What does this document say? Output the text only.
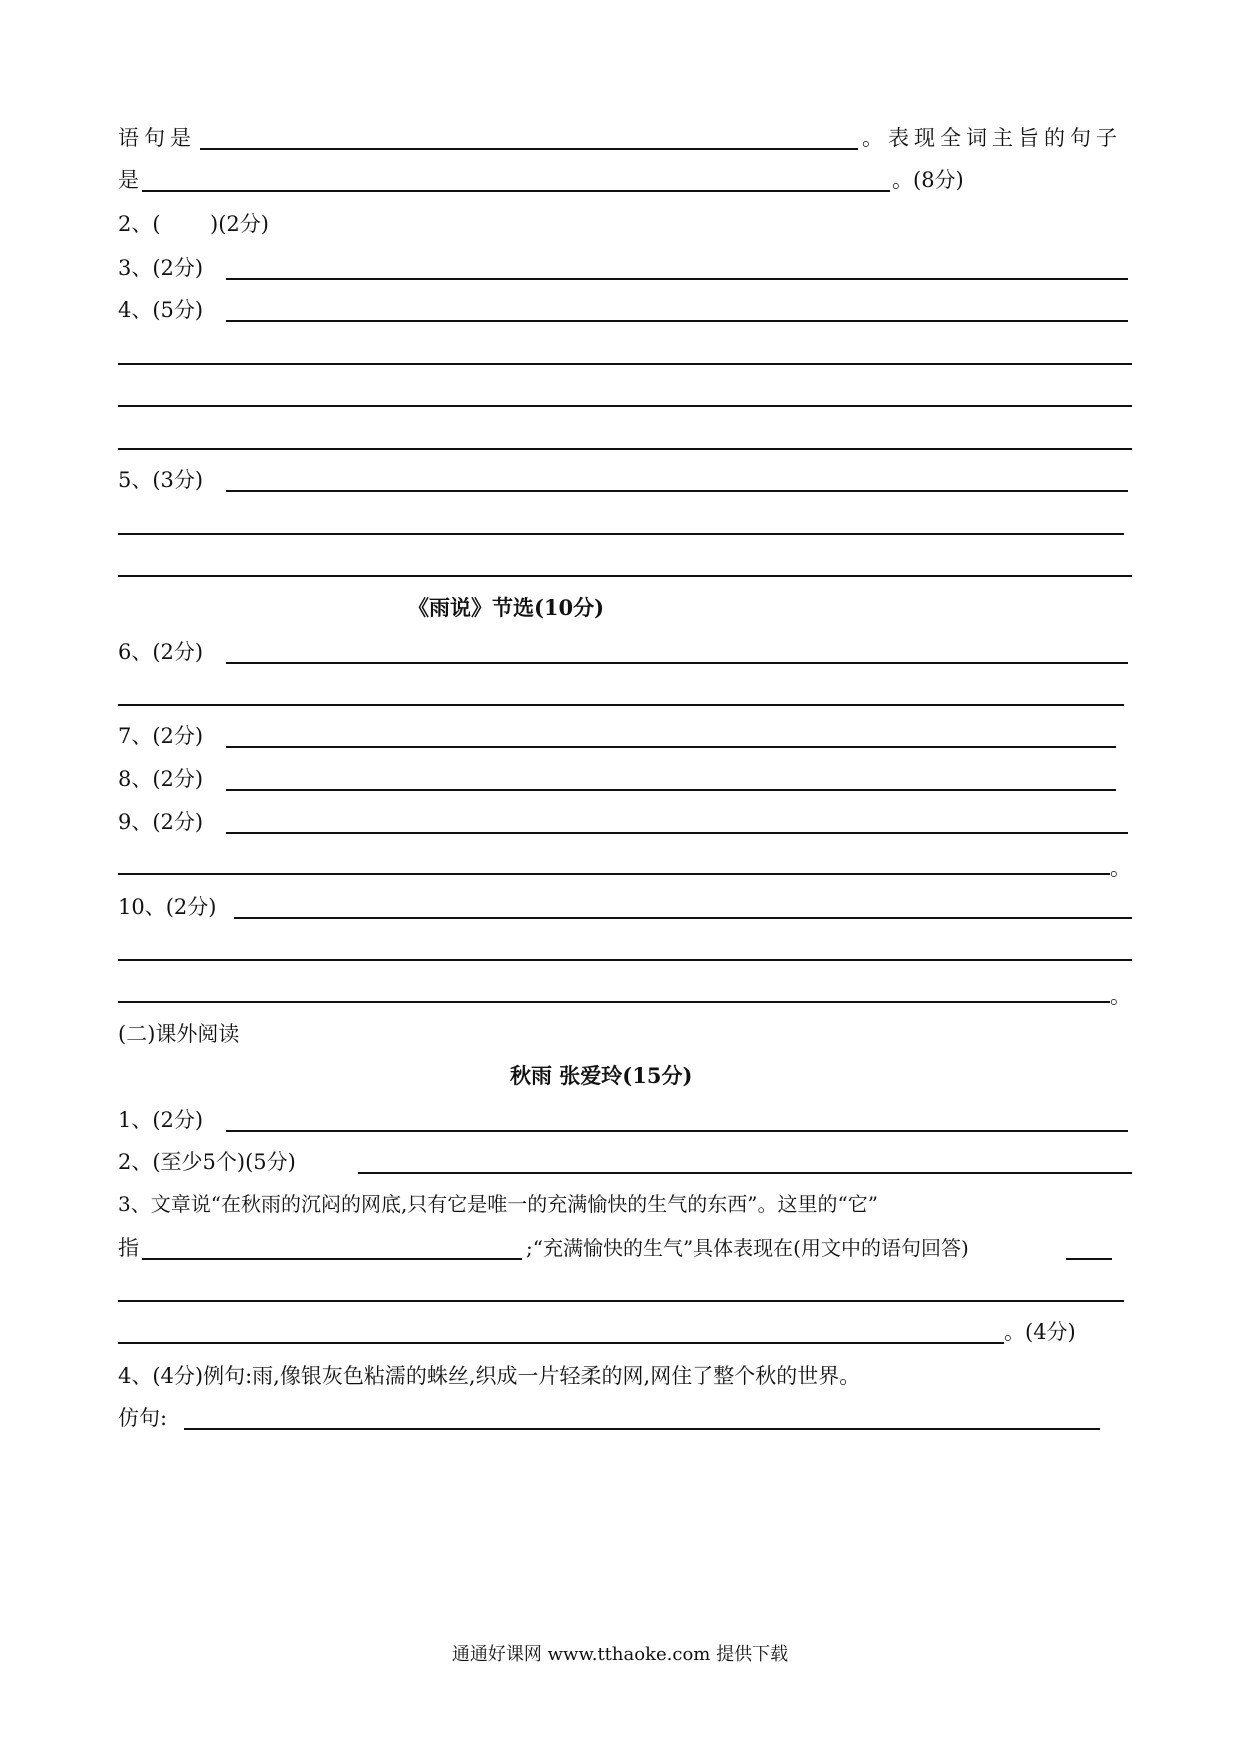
语句是	。表现全词主旨的句子
是	。(8分)
2、( )(2分)
3、(2分)
4、(5分)
5、(3分)
《雨说》节选(10分)
6、(2分)
7、(2分)
8、(2分)
9、(2分)
。
10、(2分)
。
(二)课外阅读
秋雨 张爱玲(15分)
1、(2分)
2、(至少5个)(5分)
3、文章说“在秋雨的沉闷的网底,只有它是唯一的充满愉快的生气的东西”。这里的“它”
指	;“充满愉快的生气”具体表现在(用文中的语句回答)
。(4分)
4、(4分)例句:雨,像银灰色粘濡的蛛丝,织成一片轻柔的网,网住了整个秋的世界。
仿句:
通通好课网 www.tthaoke.com 提供下载
